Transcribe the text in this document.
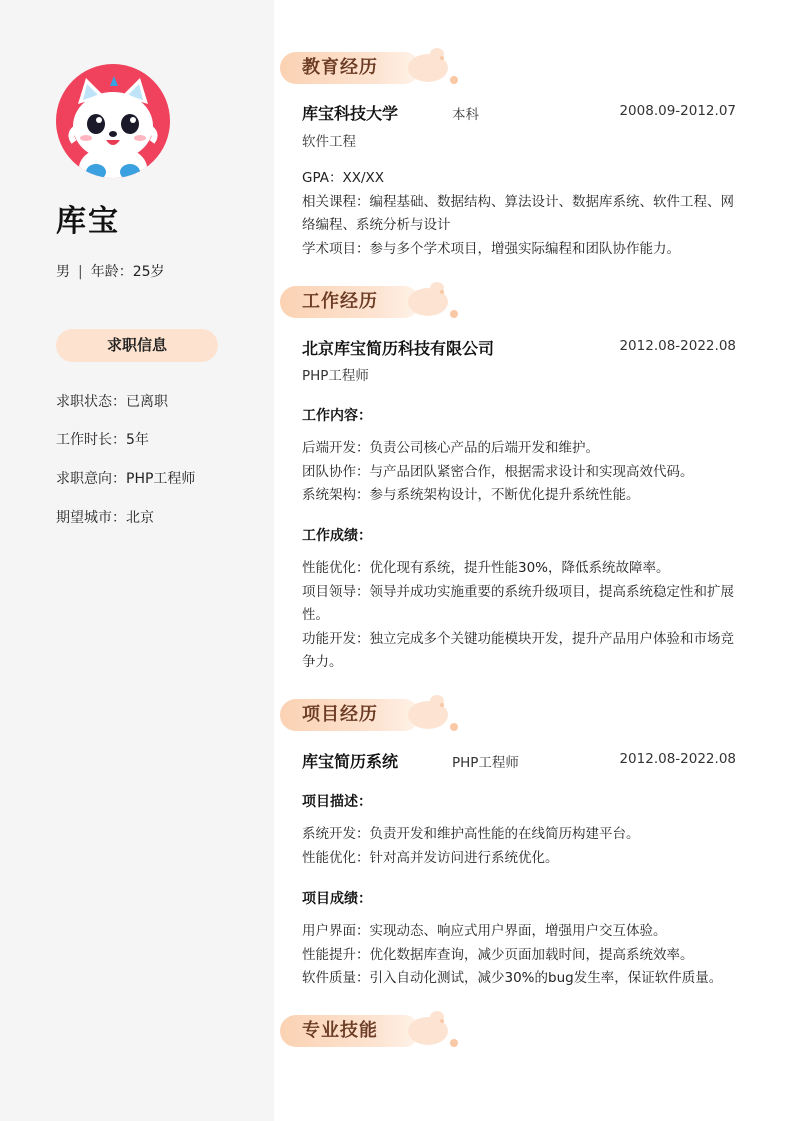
库宝
男 | 年龄：25岁
求职信息
求职状态：已离职
工作时长：5年
求职意向：PHP工程师
期望城市：北京
教育经历
库宝科技大学	本科	2008.09-2012.07
软件工程
GPA：XX/XX
相关课程：编程基础、数据结构、算法设计、数据库系统、软件工程、网络编程、系统分析与设计
学术项目：参与多个学术项目，增强实际编程和团队协作能力。
工作经历
北京库宝简历科技有限公司	2012.08-2022.08
PHP工程师
工作内容：
后端开发：负责公司核心产品的后端开发和维护。
团队协作：与产品团队紧密合作，根据需求设计和实现高效代码。
系统架构：参与系统架构设计，不断优化提升系统性能。
工作成绩：
性能优化：优化现有系统，提升性能30%，降低系统故障率。
项目领导：领导并成功实施重要的系统升级项目，提高系统稳定性和扩展性。
功能开发：独立完成多个关键功能模块开发，提升产品用户体验和市场竞争力。
项目经历
库宝简历系统	PHP工程师	2012.08-2022.08
项目描述：
系统开发：负责开发和维护高性能的在线简历构建平台。
性能优化：针对高并发访问进行系统优化。
项目成绩：
用户界面：实现动态、响应式用户界面，增强用户交互体验。
性能提升：优化数据库查询，减少页面加载时间，提高系统效率。
软件质量：引入自动化测试，减少30%的bug发生率，保证软件质量。
专业技能
